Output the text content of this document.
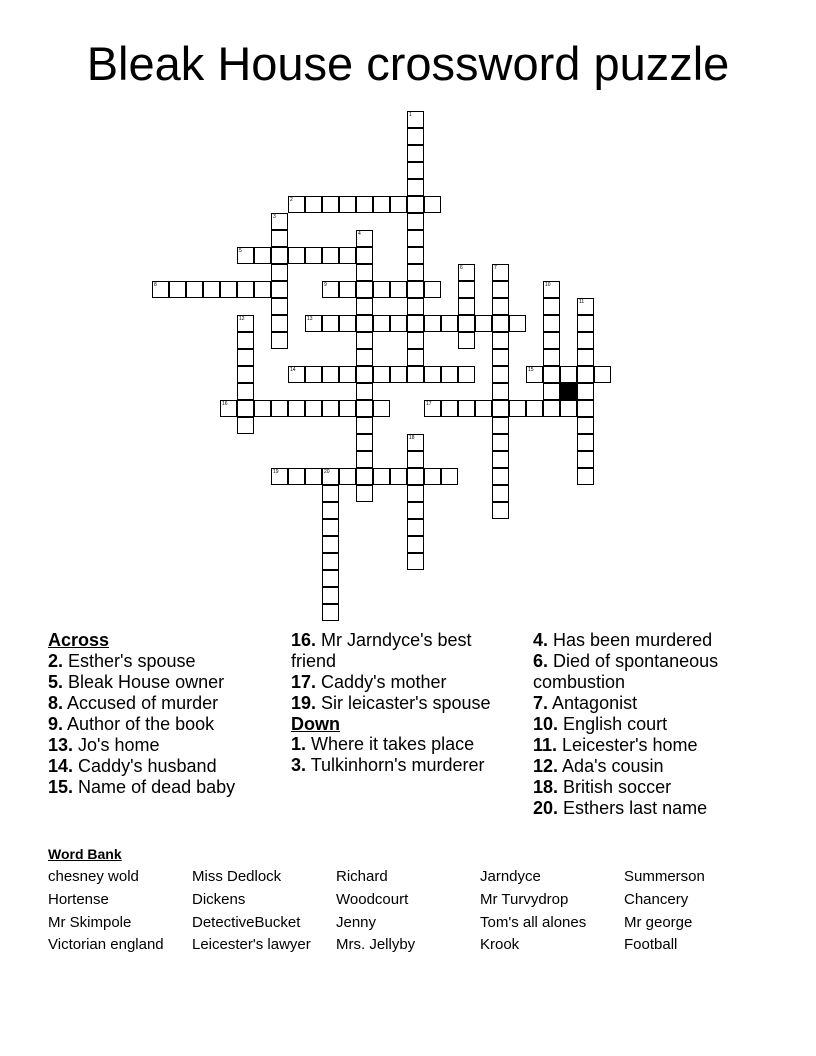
Bleak House crossword puzzle
1
2
3
4
5
6	7
8	9	10
11
12	13
14	15
16	17
18
19	20
Across
2. Esther's spouse
5. Bleak House owner
8. Accused of murder
9. Author of the book
13. Jo's home
14. Caddy's husband
15. Name of dead baby
16. Mr Jarndyce's best friend
17. Caddy's mother
19. Sir leicaster's spouse
Down
1. Where it takes place
3. Tulkinhorn's murderer
4. Has been murdered
6. Died of spontaneous combustion
7. Antagonist
10. English court
11. Leicester's home
12. Ada's cousin
18. British soccer
20. Esthers last name
Word Bank
chesney wold	Miss Dedlock	Richard	Jarndyce	Summerson
Hortense	Dickens	Woodcourt	Mr Turvydrop	Chancery
Mr Skimpole	DetectiveBucket	Jenny	Tom's all alones	Mr george
Victorian england	Leicester's lawyer	Mrs. Jellyby	Krook	Football
